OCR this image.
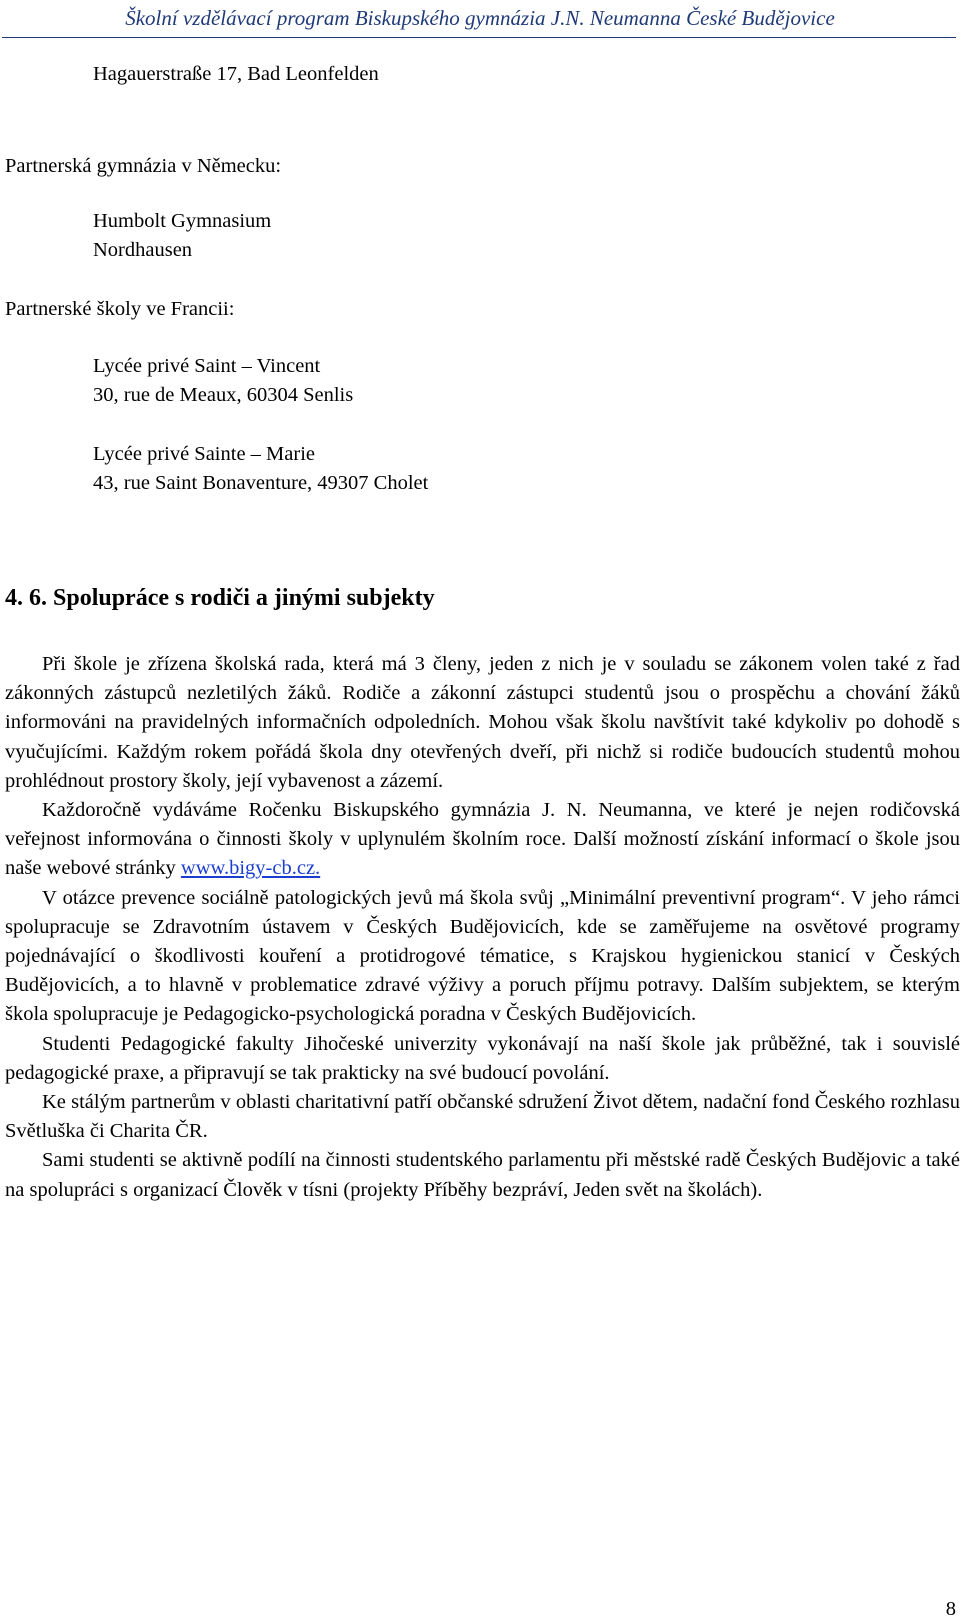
Školní vzdělávací program Biskupského gymnázia J.N. Neumanna České Budějovice
Hagauerstraße 17, Bad Leonfelden
Partnerská gymnázia v Německu:
Humbolt Gymnasium
Nordhausen
Partnerské školy ve Francii:
Lycée privé Saint – Vincent
30, rue de Meaux, 60304 Senlis
Lycée privé Sainte – Marie
43, rue Saint Bonaventure, 49307 Cholet
4. 6. Spolupráce s rodiči a jinými subjekty

Při škole je zřízena školská rada, která má 3 členy, jeden z nich je v souladu se zákonem volen také z řad zákonných zástupců nezletilých žáků. Rodiče a zákonní zástupci studentů jsou o prospěchu a chování žáků informováni na pravidelných informačních odpoledních. Mohou však školu navštívit také kdykoliv po dohodě s vyučujícími. Každým rokem pořádá škola dny otevřených dveří, při nichž si rodiče budoucích studentů mohou prohlédnout prostory školy, její vybavenost a zázemí.

Každoročně vydáváme Ročenku Biskupského gymnázia J. N. Neumanna, ve které je nejen rodičovská veřejnost informována o činnosti školy v uplynulém školním roce. Další možností získání informací o škole jsou naše webové stránky www.bigy-cb.cz.

V otázce prevence sociálně patologických jevů má škola svůj „Minimální preventivní program“. V jeho rámci spolupracuje se Zdravotním ústavem v Českých Budějovicích, kde se zaměřujeme na osvětové programy pojednávající o škodlivosti kouření a protidrogové tématice, s Krajskou hygienickou stanicí v Českých Budějovicích, a to hlavně v problematice zdravé výživy a poruch příjmu potravy. Dalším subjektem, se kterým škola spolupracuje je Pedagogicko-psychologická poradna v Českých Budějovicích.

Studenti Pedagogické fakulty Jihočeské univerzity vykonávají na naší škole jak průběžné, tak i souvislé pedagogické praxe, a připravují se tak prakticky na své budoucí povolání.

Ke stálým partnerům v oblasti charitativní patří občanské sdružení Život dětem, nadační fond Českého rozhlasu Světluška či Charita ČR.

Sami studenti se aktivně podílí na činnosti studentského parlamentu při městské radě Českých Budějovic a také na spolupráci s organizací Člověk v tísni (projekty Příběhy bezpráví, Jeden svět na školách).

8
